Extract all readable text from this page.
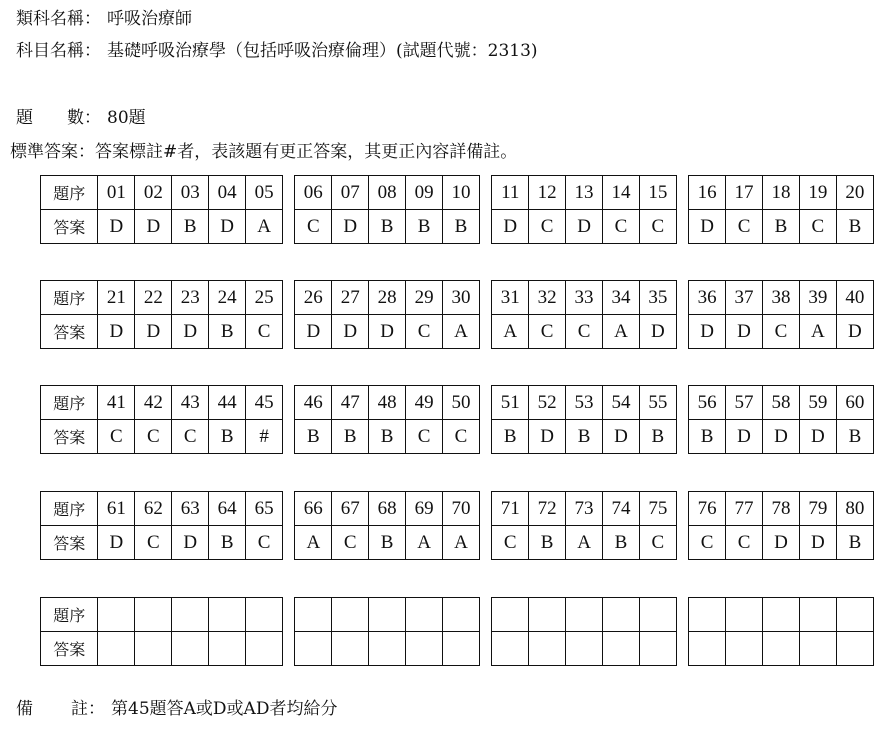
類科名稱： 呼吸治療師
科目名稱： 基礎呼吸治療學（包括呼吸治療倫理）(試題代號：2313)
題 數： 80題
標準答案：答案標註#者，表該題有更正答案，其更正內容詳備註。
題序	01	02	03	04	05		06	07	08	09	10		11	12	13	14	15		16	17	18	19	20
答案	D	D	B	D	A		C	D	B	B	B		D	C	D	C	C		D	C	B	C	B
題序	21	22	23	24	25		26	27	28	29	30		31	32	33	34	35		36	37	38	39	40
答案	D	D	D	B	C		D	D	D	C	A		A	C	C	A	D		D	D	C	A	D
題序	41	42	43	44	45		46	47	48	49	50		51	52	53	54	55		56	57	58	59	60
答案	C	C	C	B	#		B	B	B	C	C		B	D	B	D	B		B	D	D	D	B
題序	61	62	63	64	65		66	67	68	69	70		71	72	73	74	75		76	77	78	79	80
答案	D	C	D	B	C		A	C	B	A	A		C	B	A	B	C		C	C	D	D	B
題序																							
答案																							
備 註： 第45題答A或D或AD者均給分
